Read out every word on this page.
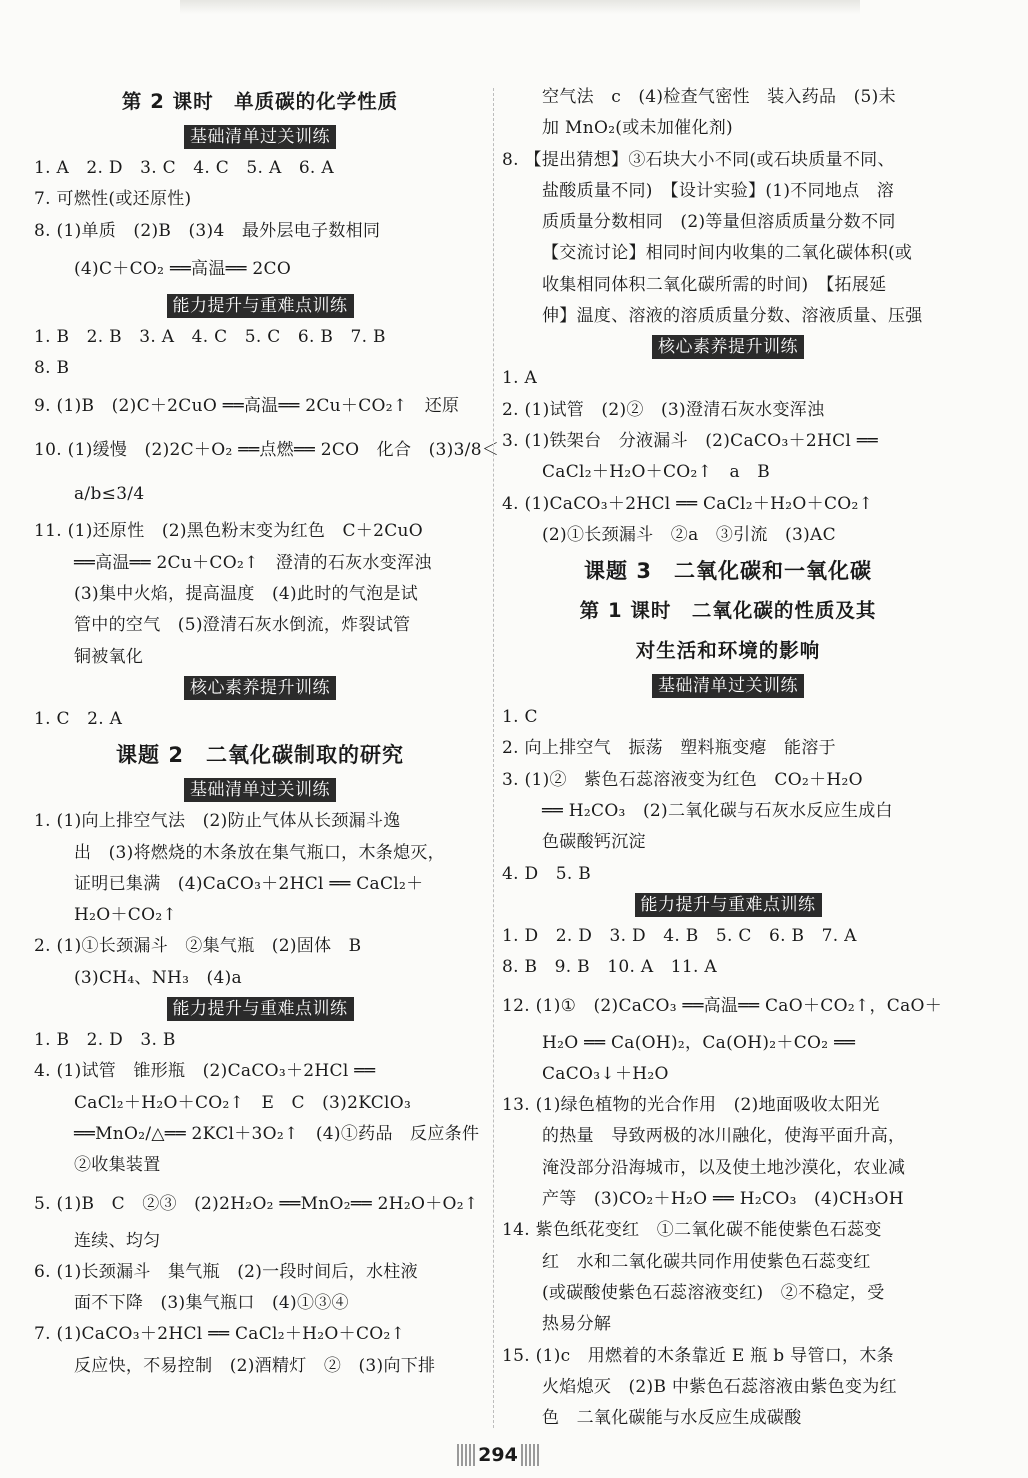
第 2 课时　单质碳的化学性质
基础清单过关训练
1. A　2. D　3. C　4. C　5. A　6. A
7. 可燃性(或还原性)
8. (1)单质　(2)B　(3)4　最外层电子数相同
(4)C＋CO₂ ══高温══ 2CO
能力提升与重难点训练
1. B　2. B　3. A　4. C　5. C　6. B　7. B
8. B
9. (1)B　(2)C＋2CuO ══高温══ 2Cu＋CO₂↑　还原
10. (1)缓慢　(2)2C＋O₂ ══点燃══ 2CO　化合　(3)3/8＜
a/b≤3/4
11. (1)还原性　(2)黑色粉末变为红色　C＋2CuO
══高温══ 2Cu＋CO₂↑　澄清的石灰水变浑浊
(3)集中火焰，提高温度　(4)此时的气泡是试
管中的空气　(5)澄清石灰水倒流，炸裂试管
铜被氧化
核心素养提升训练
1. C　2. A
课题 2　二氧化碳制取的研究
基础清单过关训练
1. (1)向上排空气法　(2)防止气体从长颈漏斗逸
出　(3)将燃烧的木条放在集气瓶口，木条熄灭，
证明已集满　(4)CaCO₃＋2HCl ══ CaCl₂＋
H₂O＋CO₂↑
2. (1)①长颈漏斗　②集气瓶　(2)固体　B
(3)CH₄、NH₃　(4)a
能力提升与重难点训练
1. B　2. D　3. B
4. (1)试管　锥形瓶　(2)CaCO₃＋2HCl ══
CaCl₂＋H₂O＋CO₂↑　E　C　(3)2KClO₃
══MnO₂/△══ 2KCl＋3O₂↑　(4)①药品　反应条件
②收集装置
5. (1)B　C　②③　(2)2H₂O₂ ══MnO₂══ 2H₂O＋O₂↑
连续、均匀
6. (1)长颈漏斗　集气瓶　(2)一段时间后，水柱液
面不下降　(3)集气瓶口　(4)①③④
7. (1)CaCO₃＋2HCl ══ CaCl₂＋H₂O＋CO₂↑
反应快，不易控制　(2)酒精灯　②　(3)向下排
空气法　c　(4)检查气密性　装入药品　(5)未
加 MnO₂(或未加催化剂)
8. 【提出猜想】③石块大小不同(或石块质量不同、
盐酸质量不同)　【设计实验】(1)不同地点　溶
质质量分数相同　(2)等量但溶质质量分数不同
【交流讨论】相同时间内收集的二氧化碳体积(或
收集相同体积二氧化碳所需的时间)　【拓展延
伸】温度、溶液的溶质质量分数、溶液质量、压强
核心素养提升训练
1. A
2. (1)试管　(2)②　(3)澄清石灰水变浑浊
3. (1)铁架台　分液漏斗　(2)CaCO₃＋2HCl ══
CaCl₂＋H₂O＋CO₂↑　a　B
4. (1)CaCO₃＋2HCl ══ CaCl₂＋H₂O＋CO₂↑
(2)①长颈漏斗　②a　③引流　(3)AC
课题 3　二氧化碳和一氧化碳
第 1 课时　二氧化碳的性质及其
对生活和环境的影响
基础清单过关训练
1. C
2. 向上排空气　振荡　塑料瓶变瘪　能溶于
3. (1)②　紫色石蕊溶液变为红色　CO₂＋H₂O
══ H₂CO₃　(2)二氧化碳与石灰水反应生成白
色碳酸钙沉淀
4. D　5. B
能力提升与重难点训练
1. D　2. D　3. D　4. B　5. C　6. B　7. A
8. B　9. B　10. A　11. A
12. (1)①　(2)CaCO₃ ══高温══ CaO＋CO₂↑，CaO＋
H₂O ══ Ca(OH)₂，Ca(OH)₂＋CO₂ ══
CaCO₃↓＋H₂O
13. (1)绿色植物的光合作用　(2)地面吸收太阳光
的热量　导致两极的冰川融化，使海平面升高，
淹没部分沿海城市，以及使土地沙漠化，农业减
产等　(3)CO₂＋H₂O ══ H₂CO₃　(4)CH₃OH
14. 紫色纸花变红　①二氧化碳不能使紫色石蕊变
红　水和二氧化碳共同作用使紫色石蕊变红
(或碳酸使紫色石蕊溶液变红)　②不稳定，受
热易分解
15. (1)c　用燃着的木条靠近 E 瓶 b 导管口，木条
火焰熄灭　(2)B 中紫色石蕊溶液由紫色变为红
色　二氧化碳能与水反应生成碳酸
294
